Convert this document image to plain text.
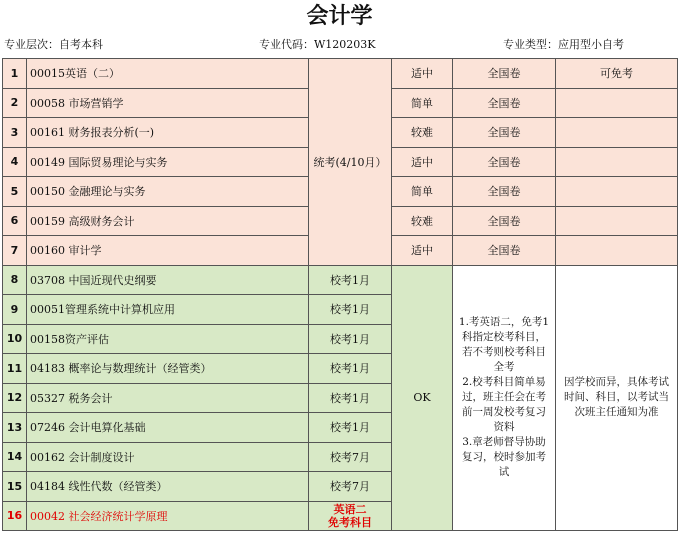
会计学
专业层次：自考本科	专业代码：W120203K	专业类型：应用型小自考
1	00015英语（二）	统考(4/10月）	适中	全国卷	可免考
2	00058 市场营销学		简单	全国卷	
3	00161 财务报表分析(一)		较难	全国卷	
4	00149 国际贸易理论与实务		适中	全国卷	
5	00150 金融理论与实务		简单	全国卷	
6	00159 高级财务会计		较难	全国卷	
7	00160 审计学		适中	全国卷	
8	03708 中国近现代史纲要	校考1月	OK	1.考英语二，免考1科指定校考科目，若不考则校考科目全考
2.校考科目简单易过，班主任会在考前一周发校考复习资料
3.章老师督导协助复习，校时参加考试	因学校而异，具体考试时间、科目，以考试当次班主任通知为准

9	00051管理系统中计算机应用	校考1月			
10	00158资产评估	校考1月			
11	04183 概率论与数理统计（经管类）	校考1月			
12	05327 税务会计	校考1月			
13	07246 会计电算化基础	校考1月			
14	00162 会计制度设计	校考7月			
15	04184 线性代数（经管类）	校考7月			
16	00042 社会经济统计学原理	英语二
免考科目			
